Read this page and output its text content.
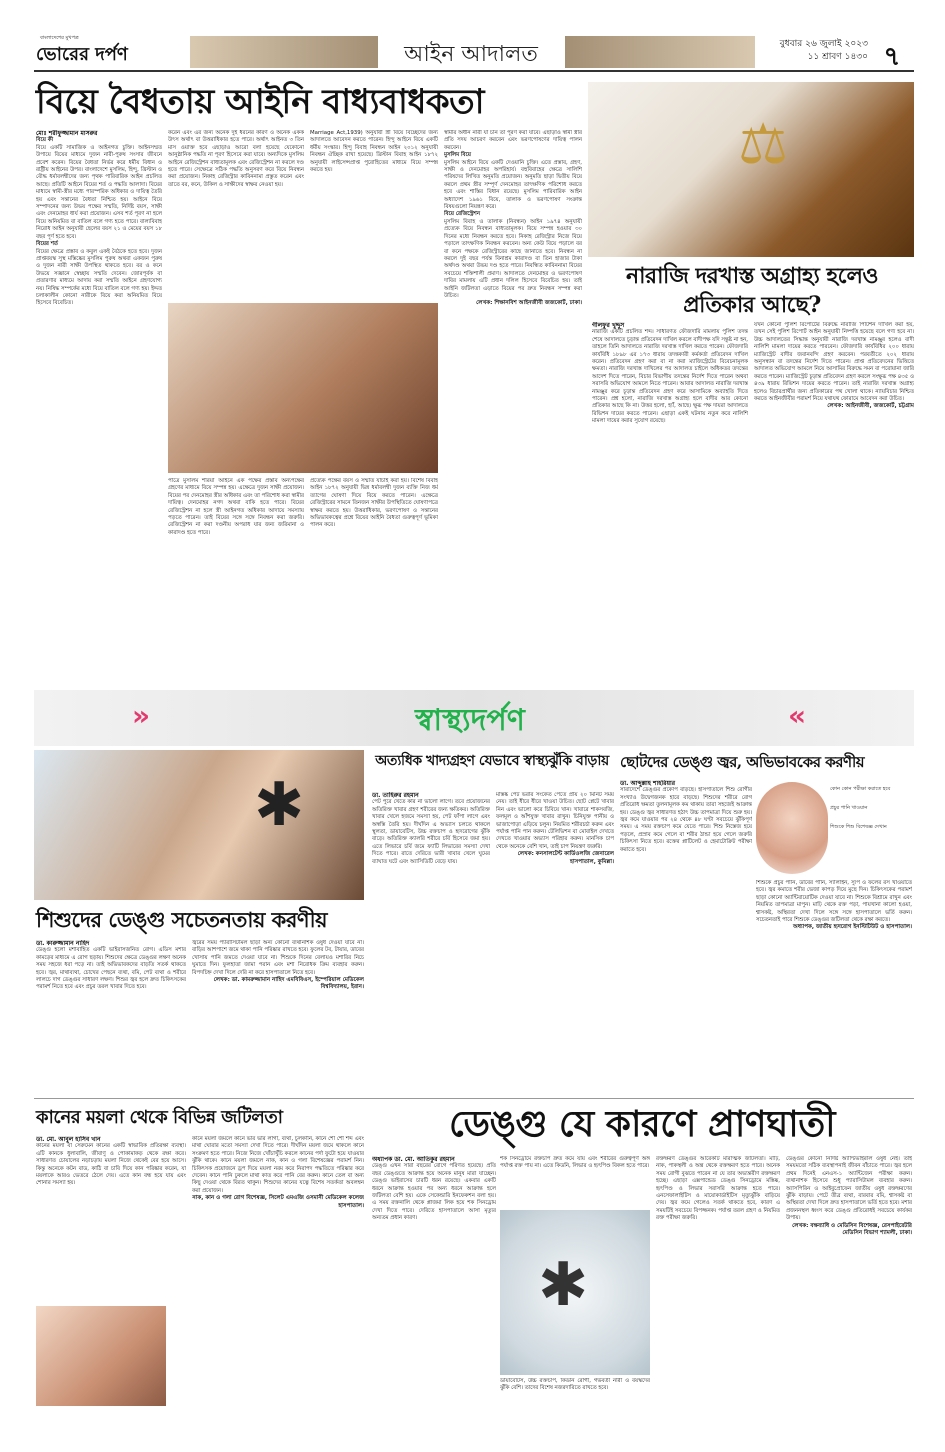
বাংলাদেশের মুখপত্র
ভোরের দর্পণ	আইন আদালত	বুধবার ২৬ জুলাই ২০২৩
১১ শ্রাবণ ১৪৩০ ৭
বিয়ে বৈধতায় আইনি বাধ্যবাধকতা
⚖

মোঃ শরীফুজ্জামান মাসরুর

বিয়ে কী

বিয়ে একটি সামাজিক ও আইনগত চুক্তি। আইনসম্মত উপায়ে বিয়ের মাধ্যমে দুজন নারী-পুরুষ সংসার জীবনে প্রবেশ করেন। বিয়ের বৈধতা নির্ভর করে ধর্মীয় বিধান ও রাষ্ট্রীয় আইনের উপর। বাংলাদেশে মুসলিম, হিন্দু, খ্রিস্টান ও বৌদ্ধ ধর্মাবলম্বীদের জন্য পৃথক পারিবারিক আইন প্রচলিত আছে। প্রতিটি আইনে বিয়ের শর্ত ও পদ্ধতি আলাদা। বিয়ের মাধ্যমে স্বামী-স্ত্রীর মধ্যে পারস্পরিক অধিকার ও দায়িত্ব তৈরি হয় এবং সন্তানের বৈধতা নিশ্চিত হয়। আইনে বিয়ে সম্পাদনের জন্য উভয় পক্ষের সম্মতি, নির্দিষ্ট বয়স, সাক্ষী এবং দেনমোহর ধার্য করা প্রয়োজন। এসব শর্ত পূরণ না হলে বিয়ে অনিয়মিত বা বাতিল বলে গণ্য হতে পারে। বাল্যবিবাহ নিরোধ আইন অনুযায়ী ছেলের বয়স ২১ ও মেয়ের বয়স ১৮ বছর পূর্ণ হতে হবে।

বিয়ের শর্ত

বিয়ের ক্ষেত্রে প্রস্তাব ও কবুল একই বৈঠকে হতে হবে। দুজন প্রাপ্তবয়স্ক সুস্থ মস্তিষ্কের মুসলিম পুরুষ অথবা একজন পুরুষ ও দুজন নারী সাক্ষী উপস্থিত থাকতে হবে। বর ও কনে উভয়ে সজ্ঞানে স্বেচ্ছায় সম্মতি দেবেন। জোরপূর্বক বা প্রতারণার মাধ্যমে আদায় করা সম্মতি আইনে গ্রহণযোগ্য নয়। নিষিদ্ধ সম্পর্কের মধ্যে বিয়ে বাতিল বলে গণ্য হয়। ইদ্দত চলাকালীন কোনো নারীকে বিয়ে করা অনিয়মিত বিয়ে হিসেবে বিবেচিত।

করেন এবং এর জন্য অনেক দুই ধরনের কারণ ও অনেক একক উৎস অর্থাৎ বা উত্তরাধিকার হতে পারে। অর্থাৎ আইনত ৩ তিন মাস ওয়াক্ত হবে এছাড়াও আরো বলা হয়েছে যেকোনো আনুষ্ঠানিক পদ্ধতি না পূরণ হিসেবে করা যাবে। অন্যদিকে মুসলিম আইনে রেজিস্ট্রেশন বাধ্যতামূলক এবং রেজিস্ট্রেশন না করলে দণ্ড হতে পারে। সেক্ষেত্রে সঠিক পদ্ধতি অনুসরণ করে বিয়ে নিবন্ধন করা প্রয়োজন। নিকাহ রেজিস্ট্রার কাবিননামা প্রস্তুত করেন এবং তাতে বর, কনে, উকিল ও সাক্ষীদের স্বাক্ষর নেওয়া হয়।

পাত্রে মুসলিম শরিয়া আইনে এক পক্ষের প্রস্তাব অন্যপক্ষের গ্রহণের মাধ্যমে বিয়ে সম্পন্ন হয়। এক্ষেত্রে দুজন সাক্ষী প্রয়োজন। বিয়ের পর দেনমোহর স্ত্রীর অধিকার এবং তা পরিশোধ করা স্বামীর দায়িত্ব। দেনমোহর নগদ অথবা বাকি হতে পারে। বিয়ের রেজিস্ট্রেশন না হলে স্ত্রী আইনগত অধিকার আদায়ে সমস্যায় পড়তে পারেন। তাই বিয়ের সঙ্গে সঙ্গে নিবন্ধন করা জরুরি। রেজিস্ট্রেশন না করা দণ্ডনীয় অপরাধ যার জন্য জরিমানা ও কারাদণ্ড হতে পারে।

Marriage Act,1939) অনুযায়ী স্ত্রী বিয়ে বিচ্ছেদের জন্য আদালতে আবেদন করতে পারেন। হিন্দু আইনে বিয়ে একটি ধর্মীয় সংস্কার। হিন্দু বিবাহ নিবন্ধন আইন ২০১২ অনুযায়ী নিবন্ধন ঐচ্ছিক রাখা হয়েছে। খ্রিস্টান বিবাহ আইন ১৮৭২ অনুযায়ী লাইসেন্সপ্রাপ্ত পুরোহিতের মাধ্যমে বিয়ে সম্পন্ন করতে হয়।

প্রত্যেক পক্ষের বয়স ও সম্মতি যাচাই করা হয়। বিশেষ বিবাহ আইন ১৮৭২ অনুযায়ী ভিন্ন ধর্মাবলম্বী দুজন ব্যক্তি নিজ ধর্ম ত্যাগের ঘোষণা দিয়ে বিয়ে করতে পারেন। এক্ষেত্রে রেজিস্ট্রারের সামনে তিনজন সাক্ষীর উপস্থিতিতে ঘোষণাপত্রে স্বাক্ষর করতে হয়। উত্তরাধিকার, ভরণপোষণ ও সন্তানের অভিভাবকত্বের প্রশ্নে বিয়ের আইনি বৈধতা গুরুত্বপূর্ণ ভূমিকা পালন করে।

স্বামীর অধীন নারী যা চান তা পূরণ করা যাবে। এছাড়াও স্বামী স্ত্রীর প্রতি সদয় আচরণ করবেন এবং ভরণপোষণের দায়িত্ব পালন করবেন।

মুসলিম বিয়ে

মুসলিম আইনে বিয়ে একটি দেওয়ানি চুক্তি। এতে প্রস্তাব, গ্রহণ, সাক্ষী ও দেনমোহর অপরিহার্য। বহুবিবাহের ক্ষেত্রে সালিশি পরিষদের লিখিত অনুমতি প্রয়োজন। অনুমতি ছাড়া দ্বিতীয় বিয়ে করলে প্রথম স্ত্রীর সম্পূর্ণ দেনমোহর তাৎক্ষণিক পরিশোধ করতে হবে এবং শাস্তির বিধান রয়েছে। মুসলিম পারিবারিক আইন অধ্যাদেশ ১৯৬১ বিয়ে, তালাক ও ভরণপোষণ সংক্রান্ত বিষয়গুলো নিয়ন্ত্রণ করে।

বিয়ে রেজিস্ট্রেশন

মুসলিম বিবাহ ও তালাক (নিবন্ধন) আইন ১৯৭৪ অনুযায়ী প্রত্যেক বিয়ে নিবন্ধন বাধ্যতামূলক। বিয়ে সম্পন্ন হওয়ার ৩০ দিনের মধ্যে নিবন্ধন করতে হবে। নিকাহ রেজিস্ট্রার নিজে বিয়ে পড়ালে তাৎক্ষণিক নিবন্ধন করবেন। অন্য কেউ বিয়ে পড়ালে বর বা কনে পক্ষকে রেজিস্ট্রারের কাছে জানাতে হবে। নিবন্ধন না করলে দুই বছর পর্যন্ত বিনাশ্রম কারাদণ্ড বা তিন হাজার টাকা অর্থদণ্ড অথবা উভয় দণ্ড হতে পারে। নিবন্ধিত কাবিননামা বিয়ের সবচেয়ে শক্তিশালী প্রমাণ। আদালতে দেনমোহর ও ভরণপোষণ দাবির মামলায় এটি প্রধান দলিল হিসেবে বিবেচিত হয়। তাই আইনি জটিলতা এড়াতে বিয়ের পর দ্রুত নিবন্ধন সম্পন্ন করা উচিত।

লেখক: শিক্ষানবিশ আইনজীবী জজকোর্ট, ঢাকা।

নারাজি দরখাস্ত অগ্রাহ্য হলেও প্রতিকার আছে?

গীলফুর খুদ্দুস

নারাজি একটি প্রচলিত শব্দ। সাধারণত ফৌজদারি মামলায় পুলিশ তদন্ত শেষে আদালতে চূড়ান্ত প্রতিবেদন দাখিল করলে বাদীপক্ষ যদি সন্তুষ্ট না হন, তাহলে তিনি আদালতে নারাজি দরখাস্ত দাখিল করতে পারেন। ফৌজদারি কার্যবিধি ১৮৯৮ এর ১৭৩ ধারায় তদন্তকারী কর্মকর্তা প্রতিবেদন দাখিল করেন। প্রতিবেদন গ্রহণ করা বা না করা ম্যাজিস্ট্রেটের বিবেচনামূলক ক্ষমতা। নারাজি দরখাস্ত দাখিলের পর আদালত চাইলে অধিকতর তদন্তের আদেশ দিতে পারেন, বিচার বিভাগীয় তদন্তের নির্দেশ দিতে পারেন অথবা সরাসরি অভিযোগ আমলে নিতে পারেন। আবার আদালত নারাজি দরখাস্ত নামঞ্জুর করে চূড়ান্ত প্রতিবেদন গ্রহণ করে আসামিকে অব্যাহতি দিতে পারেন। প্রশ্ন হলো, নারাজি দরখাস্ত অগ্রাহ্য হলে বাদীর আর কোনো প্রতিকার আছে কি না। উত্তর হলো, হ্যাঁ, আছে। ক্ষুব্ধ পক্ষ দায়রা আদালতে রিভিশন দায়ের করতে পারেন। এছাড়া একই ঘটনায় নতুন করে নালিশি মামলা দায়ের করার সুযোগ রয়েছে।

যখন কোনো পুলিশ রিপোর্টের বিরুদ্ধে নারাজি পিটিশন দাখিল করা হয়, তখন সেই পুলিশ রিপোর্ট আইন অনুযায়ী নিষ্পত্তি হয়েছে বলে গণ্য হবে না। উচ্চ আদালতের সিদ্ধান্ত অনুযায়ী নারাজি দরখাস্ত নামঞ্জুর হলেও বাদী নালিশি মামলা দায়ের করতে পারবেন। ফৌজদারি কার্যবিধির ২০০ ধারায় ম্যাজিস্ট্রেট বাদীর জবানবন্দি গ্রহণ করবেন। পরবর্তীতে ২০২ ধারায় অনুসন্ধান বা তদন্তের নির্দেশ দিতে পারেন। প্রাপ্ত প্রতিবেদনের ভিত্তিতে আদালত অভিযোগ আমলে নিয়ে আসামির বিরুদ্ধে সমন বা পরোয়ানা জারি করতে পারেন। ম্যাজিস্ট্রেট চূড়ান্ত প্রতিবেদন গ্রহণ করলে সংক্ষুব্ধ পক্ষ ৪৩৫ ও ৪৩৯ ধারায় রিভিশন দায়ের করতে পারেন। তাই নারাজি দরখাস্ত অগ্রাহ্য হলেও বিচারপ্রার্থীর জন্য প্রতিকারের পথ খোলা থাকে। ন্যায়বিচার নিশ্চিত করতে আইনজীবীর পরামর্শ নিয়ে যথাযথ ফোরামে আবেদন করা উচিত।

লেখক: আইনজীবী, জজকোর্ট, চট্টগ্রাম

»	«
স্বাস্থ্যদর্পণ
✱
শিশুদের ডেঙ্গু সচেতনতায় করণীয়

ডা. কারুজ্জামান নাহিদ

ডেঙ্গু হলো মশাবাহিত একটি ভাইরাসজনিত রোগ। এডিস মশার কামড়ের মাধ্যমে এ রোগ ছড়ায়। শিশুদের ক্ষেত্রে ডেঙ্গুর লক্ষণ অনেক সময় সহজে ধরা পড়ে না। তাই অভিভাবকদের বাড়তি সতর্ক থাকতে হবে। জ্বর, মাথাব্যথা, চোখের পেছনে ব্যথা, বমি, পেট ব্যথা ও শরীরে লালচে দাগ ডেঙ্গুর সাধারণ লক্ষণ। শিশুর জ্বর হলে দ্রুত চিকিৎসকের পরামর্শ নিতে হবে এবং প্রচুর তরল খাবার দিতে হবে।

জ্বরের সময় প্যারাসিটামল ছাড়া অন্য কোনো ব্যথানাশক ওষুধ দেওয়া যাবে না। বাড়ির আশপাশে জমে থাকা পানি পরিষ্কার রাখতে হবে। ফুলের টব, টায়ার, ডাবের খোসায় পানি জমতে দেওয়া যাবে না। শিশুকে দিনের বেলায়ও মশারির নিচে ঘুমাতে দিন। ফুলহাতা জামা পরান এবং মশা নিরোধক ক্রিম ব্যবহার করুন। বিপদচিহ্ন দেখা দিলে দেরি না করে হাসপাতালে নিতে হবে।

লেখক: ডা. কামরুজ্জামান নাহিদ এমবিবিএস, ইম্পেরিয়াল মেডিকেল বিশ্ববিদ্যালয়, ইরান।

অত্যধিক খাদ্যগ্রহণ যেভাবে স্বাস্থ্যঝুঁকি বাড়ায়

ডা. তাহিরুর রহমান

পেট পুরে খেতে কার না ভালো লাগে। তবে প্রয়োজনের অতিরিক্ত খাবার গ্রহণ শরীরের জন্য ক্ষতিকর। অতিরিক্ত খাবার খেলে হজমে সমস্যা হয়, পেট ফাঁপা লাগে এবং অস্বস্তি তৈরি হয়। দীর্ঘদিন এ অভ্যাস চলতে থাকলে স্থূলতা, ডায়াবেটিস, উচ্চ রক্তচাপ ও হৃদরোগের ঝুঁকি বাড়ে। অতিরিক্ত ক্যালরি শরীরে চর্বি হিসেবে জমা হয়। এতে লিভারে চর্বি জমে ফ্যাটি লিভারের সমস্যা দেখা দিতে পারে। রাতে দেরিতে ভারী খাবার খেলে ঘুমের ব্যাঘাত ঘটে এবং অ্যাসিডিটি বেড়ে যায়।

মস্তিষ্ক পেট ভরার সংকেত পেতে প্রায় ২০ মিনিট সময় নেয়। তাই ধীরে ধীরে খাওয়া উচিত। ছোট প্লেটে খাবার নিন এবং ভালো করে চিবিয়ে খান। খাবারে শাকসবজি, ফলমূল ও আঁশযুক্ত খাবার রাখুন। চিনিযুক্ত পানীয় ও ভাজাপোড়া এড়িয়ে চলুন। নিয়মিত শরীরচর্চা করুন এবং পর্যাপ্ত পানি পান করুন। টেলিভিশন বা মোবাইল দেখতে দেখতে খাওয়ার অভ্যাস পরিহার করুন। মানসিক চাপ থেকে অনেকে বেশি খান, তাই চাপ নিয়ন্ত্রণ জরুরি।

লেখক: কনসালটেন্ট কার্ডিওলজি জেনারেল হাসপাতাল, কুমিল্লা।

ছোটদের ডেঙ্গু জ্বর, অভিভাবকের করণীয়

ডা. আব্দুল্লাহ শাহরিয়ার

সারাদেশে ডেঙ্গুর প্রকোপ বাড়ছে। হাসপাতালে শিশু রোগীর সংখ্যাও উদ্বেগজনক হারে বাড়ছে। শিশুদের শরীরে রোগ প্রতিরোধ ক্ষমতা তুলনামূলক কম থাকায় তারা সহজেই আক্রান্ত হয়। ডেঙ্গু জ্বর সাধারণত হঠাৎ উচ্চ তাপমাত্রা দিয়ে শুরু হয়। জ্বর কমে যাওয়ার পর ২৪ থেকে ৪৮ ঘণ্টা সবচেয়ে ঝুঁকিপূর্ণ সময়। এ সময় রক্তচাপ কমে যেতে পারে। শিশু নিস্তেজ হয়ে পড়লে, প্রস্রাব কমে গেলে বা শরীর ঠান্ডা হয়ে গেলে জরুরি চিকিৎসা নিতে হবে। রক্তের প্লাটিলেট ও হেমাটোক্রিট পরীক্ষা করাতে হবে।

কোন কোন পরীক্ষা করাতে হবে
প্রচুর পানি খাওয়ান
শিশুকে শিশু বিশেষজ্ঞ দেখান

শিশুকে প্রচুর পানি, ডাবের পানি, স্যালাইন, স্যুপ ও ফলের রস খাওয়াতে হবে। জ্বর কমাতে শরীর ভেজা কাপড় দিয়ে মুছে দিন। চিকিৎসকের পরামর্শ ছাড়া কোনো অ্যান্টিবায়োটিক দেওয়া যাবে না। শিশুকে বিশ্রামে রাখুন এবং নিয়মিত তাপমাত্রা মাপুন। মাঢ়ি থেকে রক্ত পড়া, পায়খানা কালো হওয়া, শ্বাসকষ্ট, অস্থিরতা দেখা দিলে সঙ্গে সঙ্গে হাসপাতালে ভর্তি করুন। সচেতনতাই পারে শিশুকে ডেঙ্গুর জটিলতা থেকে রক্ষা করতে।

অধ্যাপক, জাতীয় হৃদরোগ ইনস্টিটিউট ও হাসপাতাল।

কানের ময়লা থেকে বিভিন্ন জটিলতা

ডা. মো. আবুল হাসিব খান

কানের ময়লা বা সেরুমেন কানের একটি স্বাভাবিক প্রতিরক্ষা ব্যবস্থা। এটি কানকে ধুলাবালি, জীবাণু ও পোকামাকড় থেকে রক্ষা করে। সাধারণত চোয়ালের নড়াচড়ায় ময়লা নিজে থেকেই বের হয়ে আসে। কিন্তু অনেকে কটন বাড, কাঠি বা চাবি দিয়ে কান পরিষ্কার করেন, যা ময়লাকে আরও ভেতরে ঠেলে দেয়। এতে কান বন্ধ হয়ে যায় এবং শোনার সমস্যা হয়।

কানে ময়লা জমলে কানে ভার ভার লাগা, ব্যথা, চুলকানি, কানে শোঁ শোঁ শব্দ এবং মাথা ঘোরার মতো সমস্যা দেখা দিতে পারে। দীর্ঘদিন ময়লা জমে থাকলে কানে সংক্রমণ হতে পারে। নিজে নিজে খোঁচাখুঁচি করলে কানের পর্দা ফুটো হয়ে যাওয়ার ঝুঁকি থাকে। কানে ময়লা জমলে নাক, কান ও গলা বিশেষজ্ঞের পরামর্শ নিন। চিকিৎসক প্রয়োজনে ড্রপ দিয়ে ময়লা নরম করে নিরাপদ পদ্ধতিতে পরিষ্কার করে দেবেন। কানে পানি ঢুকলে মাথা কাত করে পানি বের করুন। কানে তেল বা অন্য কিছু দেওয়া থেকে বিরত থাকুন। শিশুদের কানের যত্নে বিশেষ সতর্কতা অবলম্বন করা প্রয়োজন।

নাক, কান ও গলা রোগ বিশেষজ্ঞ, সিলেট এমএজি ওসমানী মেডিকেল কলেজ হাসপাতাল।

ডেঙ্গু যে কারণে প্রাণঘাতী

অধ্যাপক ডা. মো. আতিকুর রহমান

ডেঙ্গু এখন সারা বছরের রোগে পরিণত হয়েছে। প্রতি বছর ডেঙ্গুতে আক্রান্ত হয়ে অনেক মানুষ মারা যাচ্ছেন। ডেঙ্গু ভাইরাসের চারটি ধরন রয়েছে। একবার একটি ধরনে আক্রান্ত হওয়ার পর অন্য ধরনে আক্রান্ত হলে জটিলতা বেশি হয়। একে সেকেন্ডারি ইনফেকশন বলা হয়। এ সময় রক্তনালি থেকে প্লাজমা লিক হয়ে শক সিনড্রোম দেখা দিতে পারে। দেরিতে হাসপাতালে আসা মৃত্যুর অন্যতম প্রধান কারণ।

✱

শক সিনড্রোমে রক্তচাপ দ্রুত কমে যায় এবং শরীরের গুরুত্বপূর্ণ অঙ্গ পর্যাপ্ত রক্ত পায় না। এতে কিডনি, লিভার ও হৃৎপিণ্ড বিকল হতে পারে।

ডায়াবেটিস, উচ্চ রক্তচাপ, কিডনি রোগী, গর্ভবতী নারী ও বয়স্কদের ঝুঁকি বেশি। তাদের বিশেষ নজরদারিতে রাখতে হবে।

রক্তক্ষরণ ডেঙ্গুর আরেকটি মারাত্মক জটিলতা। মাঢ়ি, নাক, পাকস্থলী ও অন্ত্র থেকে রক্তক্ষরণ হতে পারে। অনেক সময় রোগী বুঝতে পারেন না যে তার অভ্যন্তরীণ রক্তক্ষরণ হচ্ছে। এছাড়া এক্সপান্ডেড ডেঙ্গু সিনড্রোমে মস্তিষ্ক, হৃৎপিণ্ড ও লিভার সরাসরি আক্রান্ত হতে পারে। এনসেফালাইটিস ও মায়োকার্ডাইটিস মৃত্যুঝুঁকি বাড়িয়ে দেয়। জ্বর কমে গেলেও সতর্ক থাকতে হবে, কারণ এ সময়টিই সবচেয়ে বিপজ্জনক। পর্যাপ্ত তরল গ্রহণ ও নিয়মিত রক্ত পরীক্ষা জরুরি।

ডেঙ্গুর কোনো নির্দিষ্ট অ্যান্টিভাইরাল ওষুধ নেই। তাই সময়মতো সঠিক ব্যবস্থাপনাই জীবন বাঁচাতে পারে। জ্বর হলে প্রথম দিনেই এনএস-১ অ্যান্টিজেন পরীক্ষা করুন। ব্যথানাশক হিসেবে শুধু প্যারাসিটামল ব্যবহার করুন। অ্যাসপিরিন ও আইবুপ্রোফেন জাতীয় ওষুধ রক্তক্ষরণের ঝুঁকি বাড়ায়। পেটে তীব্র ব্যথা, বারবার বমি, শ্বাসকষ্ট বা অস্থিরতা দেখা দিলে দ্রুত হাসপাতালে ভর্তি হতে হবে। মশার প্রজননস্থল ধ্বংস করে ডেঙ্গু প্রতিরোধই সবচেয়ে কার্যকর উপায়।

লেখক: বক্ষব্যাধি ও মেডিসিন বিশেষজ্ঞ, রেসপাইরেটরি মেডিসিন বিভাগ শ্যামলী, ঢাকা।
